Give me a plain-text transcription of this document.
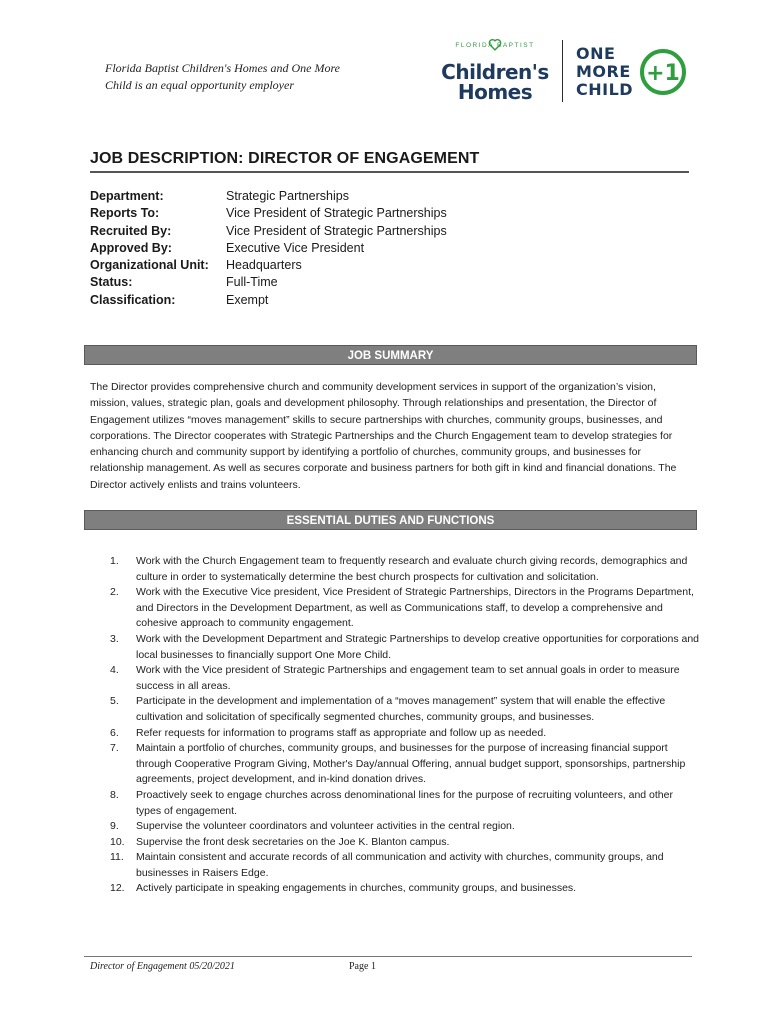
Florida Baptist Children's Homes and One More Child is an equal opportunity employer
FLORIDA BAPTIST
Children's
Homes
ONE
MORE
CHILD
+1
JOB DESCRIPTION: DIRECTOR OF ENGAGEMENT
Department:	Strategic Partnerships
Reports To:	Vice President of Strategic Partnerships
Recruited By:	Vice President of Strategic Partnerships
Approved By:	Executive Vice President
Organizational Unit:	Headquarters
Status:	Full-Time
Classification:	Exempt
JOB SUMMARY
The Director provides comprehensive church and community development services in support of the organization’s vision, mission, values, strategic plan, goals and development philosophy. Through relationships and presentation, the Director of Engagement utilizes “moves management” skills to secure partnerships with churches, community groups, businesses, and corporations. The Director cooperates with Strategic Partnerships and the Church Engagement team to develop strategies for enhancing church and community support by identifying a portfolio of churches, community groups, and businesses for relationship management. As well as secures corporate and business partners for both gift in kind and financial donations. The Director actively enlists and trains volunteers.
ESSENTIAL DUTIES AND FUNCTIONS
1.	Work with the Church Engagement team to frequently research and evaluate church giving records, demographics and culture in order to systematically determine the best church prospects for cultivation and solicitation.
2.	Work with the Executive Vice president, Vice President of Strategic Partnerships, Directors in the Programs Department, and Directors in the Development Department, as well as Communications staff, to develop a comprehensive and cohesive approach to community engagement.
3.	Work with the Development Department and Strategic Partnerships to develop creative opportunities for corporations and local businesses to financially support One More Child.
4.	Work with the Vice president of Strategic Partnerships and engagement team to set annual goals in order to measure success in all areas.
5.	Participate in the development and implementation of a “moves management” system that will enable the effective cultivation and solicitation of specifically segmented churches, community groups, and businesses.
6.	Refer requests for information to programs staff as appropriate and follow up as needed.
7.	Maintain a portfolio of churches, community groups, and businesses for the purpose of increasing financial support through Cooperative Program Giving, Mother's Day/annual Offering, annual budget support, sponsorships, partnership agreements, project development, and in-kind donation drives.
8.	Proactively seek to engage churches across denominational lines for the purpose of recruiting volunteers, and other types of engagement.
9.	Supervise the volunteer coordinators and volunteer activities in the central region.
10.	Supervise the front desk secretaries on the Joe K. Blanton campus.
11.	Maintain consistent and accurate records of all communication and activity with churches, community groups, and businesses in Raisers Edge.
12.	Actively participate in speaking engagements in churches, community groups, and businesses.
Director of Engagement 05/20/2021	Page 1
